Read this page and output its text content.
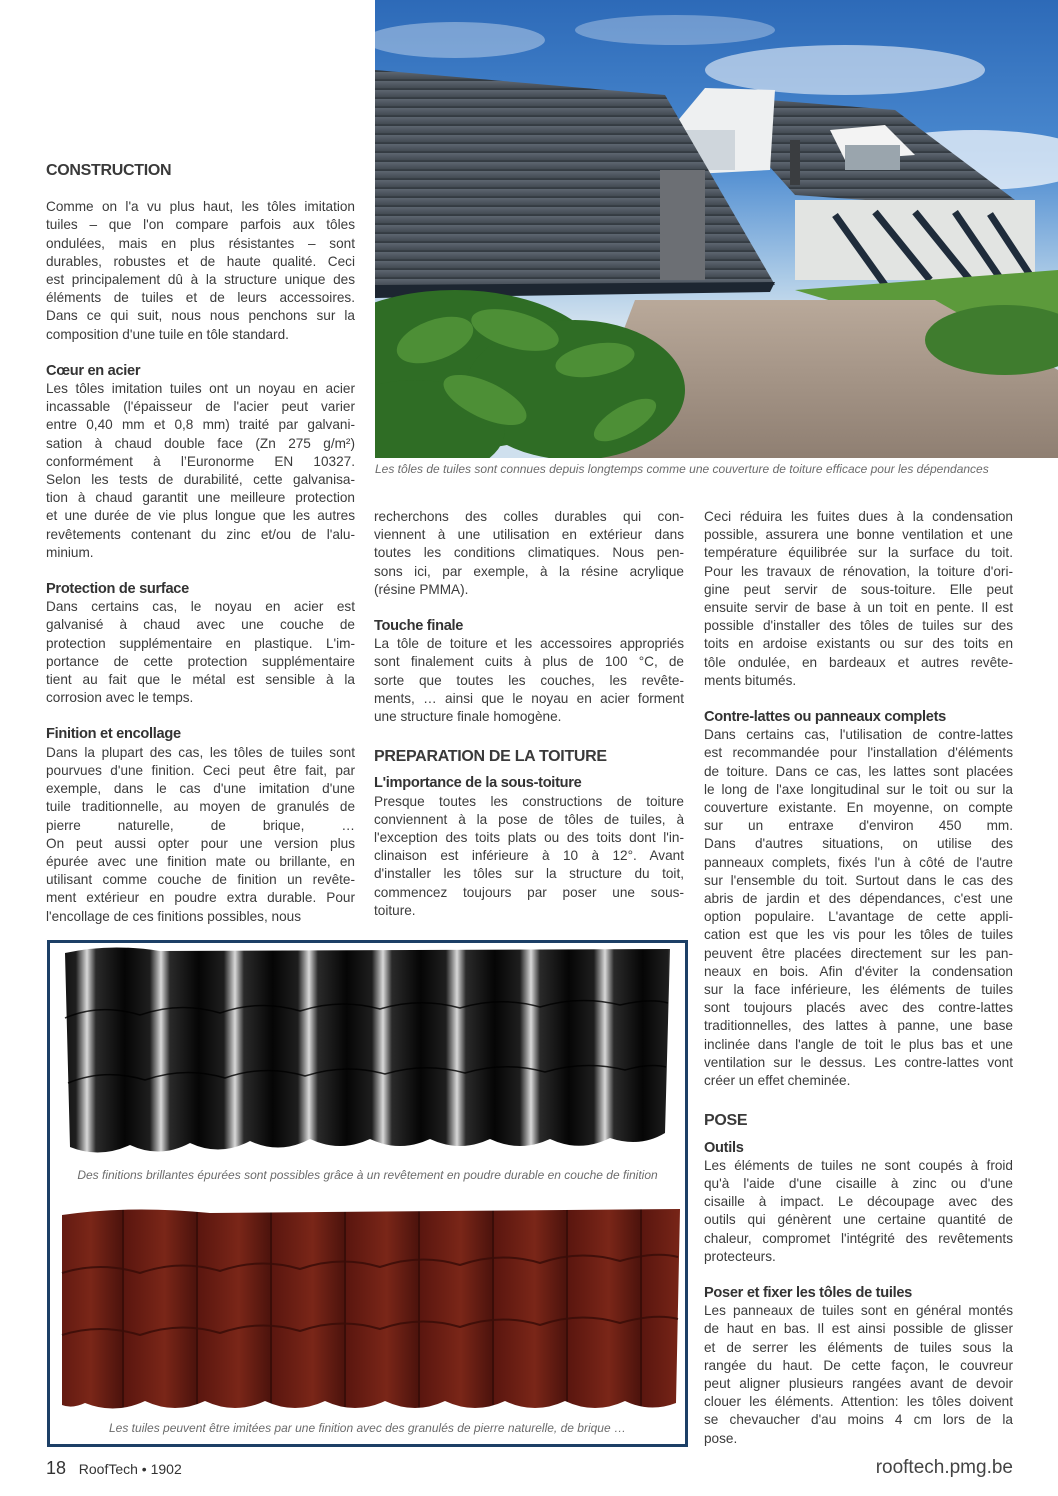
CONSTRUCTION
Comme on l'a vu plus haut, les tôles imitation
tuiles – que l'on compare parfois aux tôles
ondulées, mais en plus résistantes – sont
durables, robustes et de haute qualité. Ceci
est principalement dû à la structure unique des
éléments de tuiles et de leurs accessoires.
Dans ce qui suit, nous nous penchons sur la
composition d'une tuile en tôle standard.
Cœur en acier
Les tôles imitation tuiles ont un noyau en acier
incassable (l'épaisseur de l'acier peut varier
entre 0,40 mm et 0,8 mm) traité par galvani-
sation à chaud double face (Zn 275 g/m²)
conformément à l’Euronorme EN 10327.
Selon les tests de durabilité, cette galvanisa-
tion à chaud garantit une meilleure protection
et une durée de vie plus longue que les autres
revêtements contenant du zinc et/ou de l'alu-
minium.
Protection de surface
Dans certains cas, le noyau en acier est
galvanisé à chaud avec une couche de
protection supplémentaire en plastique. L'im-
portance de cette protection supplémentaire
tient au fait que le métal est sensible à la
corrosion avec le temps.
Finition et encollage
Dans la plupart des cas, les tôles de tuiles sont
pourvues d'une finition. Ceci peut être fait, par
exemple, dans le cas d'une imitation d'une
tuile traditionnelle, au moyen de granulés de
pierre naturelle, de brique, …
On peut aussi opter pour une version plus
épurée avec une finition mate ou brillante, en
utilisant comme couche de finition un revête-
ment extérieur en poudre extra durable. Pour
l'encollage de ces finitions possibles, nous
Les tôles de tuiles sont connues depuis longtemps comme une couverture de toiture efficace pour les dépendances
recherchons des colles durables qui con-
viennent à une utilisation en extérieur dans
toutes les conditions climatiques. Nous pen-
sons ici, par exemple, à la résine acrylique
(résine PMMA).
Touche finale
La tôle de toiture et les accessoires appropriés
sont finalement cuits à plus de 100 °C, de
sorte que toutes les couches, les revête-
ments, … ainsi que le noyau en acier forment
une structure finale homogène.
PREPARATION DE LA TOITURE
L'importance de la sous-toiture
Presque toutes les constructions de toiture
conviennent à la pose de tôles de tuiles, à
l'exception des toits plats ou des toits dont l'in-
clinaison est inférieure à 10 à 12°. Avant
d'installer les tôles sur la structure du toit,
commencez toujours par poser une sous-
toiture.
Ceci réduira les fuites dues à la condensation
possible, assurera une bonne ventilation et une
température équilibrée sur la surface du toit.
Pour les travaux de rénovation, la toiture d'ori-
gine peut servir de sous-toiture. Elle peut
ensuite servir de base à un toit en pente. Il est
possible d'installer des tôles de tuiles sur des
toits en ardoise existants ou sur des toits en
tôle ondulée, en bardeaux et autres revête-
ments bitumés.
Contre-lattes ou panneaux complets
Dans certains cas, l'utilisation de contre-lattes
est recommandée pour l'installation d'éléments
de toiture. Dans ce cas, les lattes sont placées
le long de l'axe longitudinal sur le toit ou sur la
couverture existante. En moyenne, on compte
sur un entraxe d'environ 450 mm.
Dans d'autres situations, on utilise des
panneaux complets, fixés l'un à côté de l'autre
sur l'ensemble du toit. Surtout dans le cas des
abris de jardin et des dépendances, c'est une
option populaire. L'avantage de cette appli-
cation est que les vis pour les tôles de tuiles
peuvent être placées directement sur les pan-
neaux en bois. Afin d'éviter la condensation
sur la face inférieure, les éléments de tuiles
sont toujours placés avec des contre-lattes
traditionnelles, des lattes à panne, une base
inclinée dans l'angle de toit le plus bas et une
ventilation sur le dessus. Les contre-lattes vont
créer un effet cheminée.
POSE
Outils
Les éléments de tuiles ne sont coupés à froid
qu'à l'aide d'une cisaille à zinc ou d'une
cisaille à impact. Le découpage avec des
outils qui génèrent une certaine quantité de
chaleur, compromet l'intégrité des revêtements
protecteurs.
Poser et fixer les tôles de tuiles
Les panneaux de tuiles sont en général montés
de haut en bas. Il est ainsi possible de glisser
et de serrer les éléments de tuiles sous la
rangée du haut. De cette façon, le couvreur
peut aligner plusieurs rangées avant de devoir
clouer les éléments. Attention: les tôles doivent
se chevaucher d'au moins 4 cm lors de la
pose.
Des finitions brillantes épurées sont possibles grâce à un revêtement en poudre durable en couche de finition
Les tuiles peuvent être imitées par une finition avec des granulés de pierre naturelle, de brique …
18 RoofTech • 1902	rooftech.pmg.be
